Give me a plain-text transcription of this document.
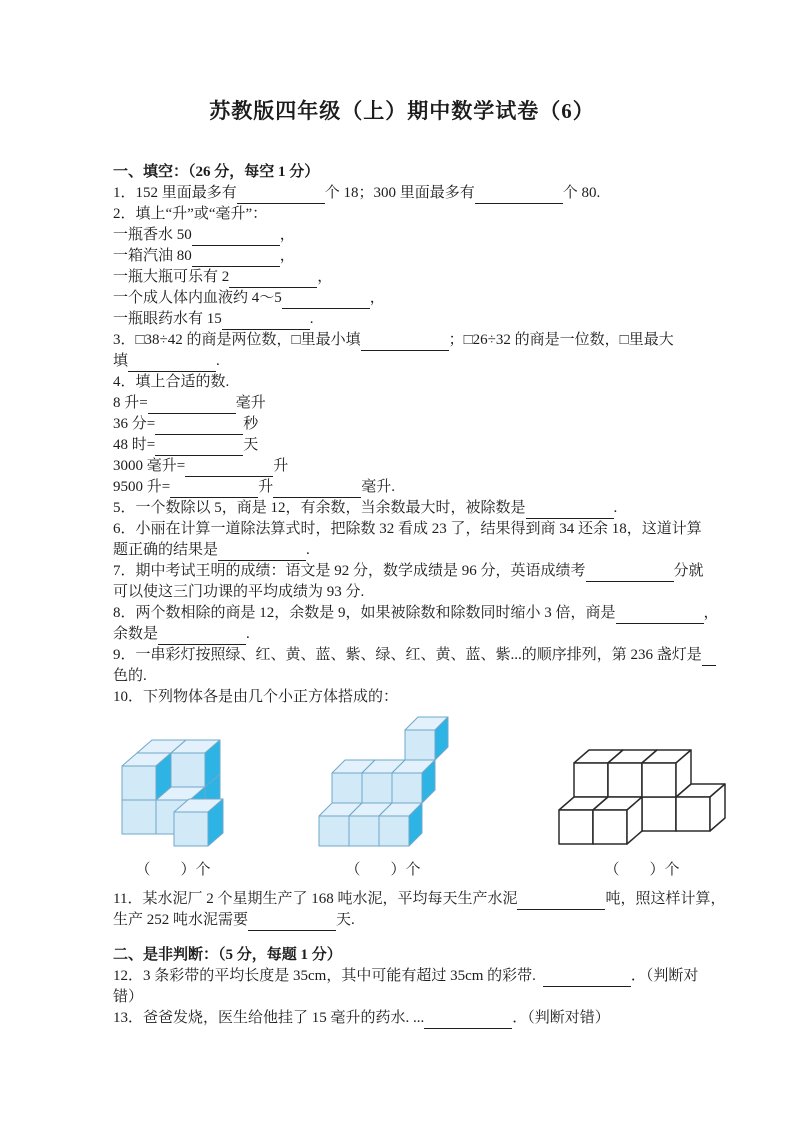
苏教版四年级（上）期中数学试卷（6）
一、填空：（26 分，每空 1 分）
1．152 里面最多有	个 18；300 里面最多有	个 80.
2．填上“升”或“毫升”：
一瓶香水 50	，
一箱汽油 80	，
一瓶大瓶可乐有 2	，
一个成人体内血液约 4～5	，
一瓶眼药水有 15	.
3．□38÷42 的商是两位数，□里最小填	；□26÷32 的商是一位数，□里最大
填	.
4．填上合适的数.
8 升=	毫升
36 分=	秒
48 时=	天
3000 毫升=	升
9500 升=	升	毫升.
5．一个数除以 5，商是 12，有余数，当余数最大时，被除数是	.
6．小丽在计算一道除法算式时，把除数 32 看成 23 了，结果得到商 34 还余 18，这道计算
题正确的结果是	.
7．期中考试王明的成绩：语文是 92 分，数学成绩是 96 分，英语成绩考	分就
可以使这三门功课的平均成绩为 93 分.
8．两个数相除的商是 12，余数是 9，如果被除数和除数同时缩小 3 倍，商是	，
余数是	.
9．一串彩灯按照绿、红、黄、蓝、紫、绿、红、黄、蓝、紫...的顺序排列，第 236 盏灯是
色的.
10．下列物体各是由几个小正方体搭成的：
（　　）个	（　　）个	（　　）个
11．某水泥厂 2 个星期生产了 168 吨水泥，平均每天生产水泥	吨，照这样计算，
生产 252 吨水泥需要	天.
二、是非判断：（5 分，每题 1 分）
12．3 条彩带的平均长度是 35cm，其中可能有超过 35cm 的彩带.	．（判断对
错）
13．爸爸发烧，医生给他挂了 15 毫升的药水. ...	．（判断对错）
